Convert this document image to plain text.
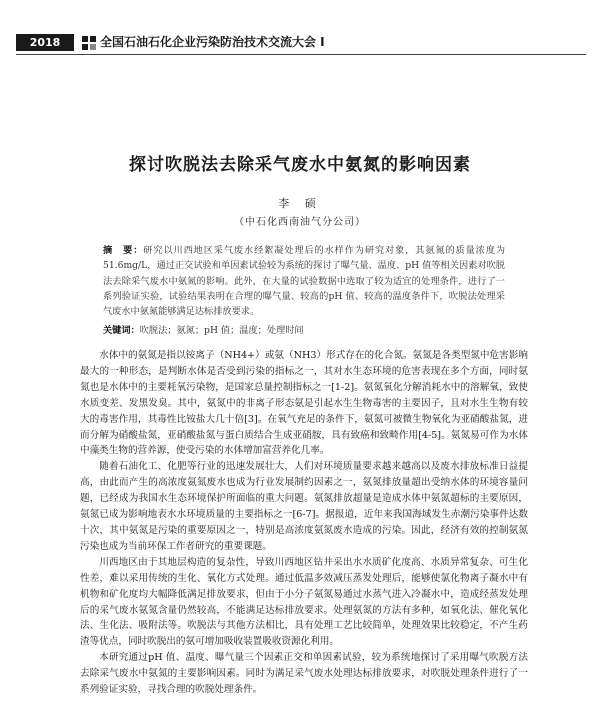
2018	全国石油石化企业污染防治技术交流大会 I
探讨吹脱法去除采气废水中氨氮的影响因素
李 硕
（中石化西南油气分公司）
摘　要：研究以川西地区采气废水经絮凝处理后的水样作为研究对象，其氨氮的质量浓度为51.6mg/L，通过正交试验和单因素试验较为系统的探讨了曝气量、温度、pH 值等相关因素对吹脱法去除采气废水中氨氮的影响。此外，在大量的试验数据中选取了较为适宜的处理条件，进行了一系列验证实验，试验结果表明在合理的曝气量、较高的pH 值、较高的温度条件下，吹脱法处理采气废水中氨氮能够满足达标排放要求。
关键词：吹脱法；氨氮；pH 值；温度；处理时间

水体中的氨氮是指以铵离子（NH4+）或氨（NH3）形式存在的化合氮。氨氮是各类型氮中危害影响最大的一种形态，是判断水体是否受到污染的指标之一，其对水生态环境的危害表现在多个方面，同时氨氮也是水体中的主要耗氧污染物，是国家总量控制指标之一[1-2]。氨氮氧化分解消耗水中的溶解氧，致使水质变差、发黑发臭。其中，氨氮中的非离子形态氨是引起水生生物毒害的主要因子，且对水生生物有较大的毒害作用，其毒性比铵盐大几十倍[3]。在氧气充足的条件下，氨氮可被微生物氧化为亚硝酸盐氮，进而分解为硝酸盐氮，亚硝酸盐氮与蛋白质结合生成亚硝胺，具有致癌和致畸作用[4-5]。氨氮易可作为水体中藻类生物的营养源，使受污染的水体增加富营养化几率。

随着石油化工、化肥等行业的迅速发展壮大，人们对环境质量要求越来越高以及废水排放标准日益提高，由此而产生的高浓度氨氮废水也成为行业发展制约因素之一，氨氮排放量超出受纳水体的环境容量问题，已经成为我国水生态环境保护所面临的重大问题。氨氮排放超量是造成水体中氨氮超标的主要原因，氨氮已成为影响地表水水环境质量的主要指标之一[6-7]。据报道，近年来我国海域发生赤潮污染事件达数十次，其中氨氮是污染的重要原因之一，特别是高浓度氨氮废水造成的污染。因此，经济有效的控制氨氮污染也成为当前环保工作者研究的重要课题。

川西地区由于其地层构造的复杂性，导致川西地区钻井采出水水质矿化度高、水质异常复杂、可生化性差，难以采用传统的生化、氧化方式处理。通过低温多效减压蒸发处理后，能够使氯化物离子凝水中有机物和矿化度均大幅降低满足排放要求，但由于小分子氨氮易通过水蒸气进入冷凝水中，造成经蒸发处理后的采气废水氨氮含量仍然较高，不能满足达标排放要求。处理氨氮的方法有多种，如氧化法、催化氧化法、生化法、吸附法等。吹脱法与其他方法相比，具有处理工艺比较简单，处理效果比较稳定，不产生药渣等优点，同时吹脱出的氨可增加吸收装置吸收资源化利用。

本研究通过pH 值、温度、曝气量三个因素正交和单因素试验，较为系统地探讨了采用曝气吹脱方法去除采气废水中氨氮的主要影响因素。同时为满足采气废水处理达标排放要求，对吹脱处理条件进行了一系列验证实验，寻找合理的吹脱处理条件。
